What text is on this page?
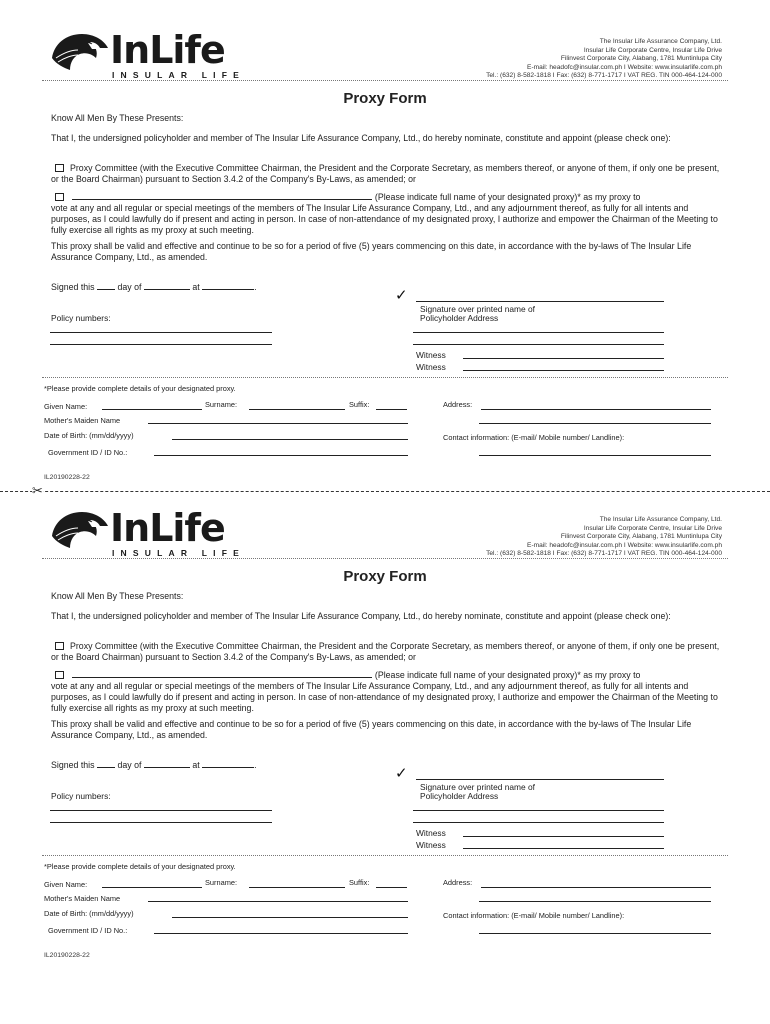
InLife
INSULAR LIFE
The Insular Life Assurance Company, Ltd.
Insular Life Corporate Centre, Insular Life Drive
Filinvest Corporate City, Alabang, 1781 Muntinlupa City
E-mail: headofc@insular.com.ph I Website: www.insularlife.com.ph
Tel.: (632) 8-582-1818 I Fax: (632) 8-771-1717 I VAT REG. TIN 000-464-124-000
Proxy Form
Know All Men By These Presents:
That I, the undersigned policyholder and member of The Insular Life Assurance Company, Ltd., do hereby nominate, constitute and appoint (please check one):
Proxy Committee (with the Executive Committee Chairman, the President and the Corporate Secretary, as members thereof, or anyone of them, if only one be present, or the Board Chairman) pursuant to Section 3.4.2 of the Company's By-Laws, as amended; or
(Please indicate full name of your designated proxy)* as my proxy to
vote at any and all regular or special meetings of the members of The Insular Life Assurance Company, Ltd., and any adjournment thereof, as fully for all intents and purposes, as I could lawfully do if present and acting in person. In case of non-attendance of my designated proxy, I authorize and empower the Chairman of the Meeting to fully exercise all rights as my proxy at such meeting.
This proxy shall be valid and effective and continue to be so for a period of five (5) years commencing on this date, in accordance with the by-laws of The Insular Life Assurance Company, Ltd., as amended.
Signed this	day of	at	.	✓
Signature over printed name of
Policyholder Address
Policy numbers:
Witness
Witness
*Please provide complete details of your designated proxy.
Given Name:	Surname:	Suffix:	Address:
Mother's Maiden Name
Date of Birth: (mm/dd/yyyy)	Contact information: (E-mail/ Mobile number/ Landline):
Government ID / ID No.:
IL20190228-22
✂
InLife
INSULAR LIFE
The Insular Life Assurance Company, Ltd.
Insular Life Corporate Centre, Insular Life Drive
Filinvest Corporate City, Alabang, 1781 Muntinlupa City
E-mail: headofc@insular.com.ph I Website: www.insularlife.com.ph
Tel.: (632) 8-582-1818 I Fax: (632) 8-771-1717 I VAT REG. TIN 000-464-124-000
Proxy Form
Know All Men By These Presents:
That I, the undersigned policyholder and member of The Insular Life Assurance Company, Ltd., do hereby nominate, constitute and appoint (please check one):
Proxy Committee (with the Executive Committee Chairman, the President and the Corporate Secretary, as members thereof, or anyone of them, if only one be present, or the Board Chairman) pursuant to Section 3.4.2 of the Company's By-Laws, as amended; or
(Please indicate full name of your designated proxy)* as my proxy to
vote at any and all regular or special meetings of the members of The Insular Life Assurance Company, Ltd., and any adjournment thereof, as fully for all intents and purposes, as I could lawfully do if present and acting in person. In case of non-attendance of my designated proxy, I authorize and empower the Chairman of the Meeting to fully exercise all rights as my proxy at such meeting.
This proxy shall be valid and effective and continue to be so for a period of five (5) years commencing on this date, in accordance with the by-laws of The Insular Life Assurance Company, Ltd., as amended.
Signed this	day of	at	.	✓
Signature over printed name of
Policyholder Address
Policy numbers:
Witness
Witness
*Please provide complete details of your designated proxy.
Given Name:	Surname:	Suffix:	Address:
Mother's Maiden Name
Date of Birth: (mm/dd/yyyy)	Contact information: (E-mail/ Mobile number/ Landline):
Government ID / ID No.:
IL20190228-22
